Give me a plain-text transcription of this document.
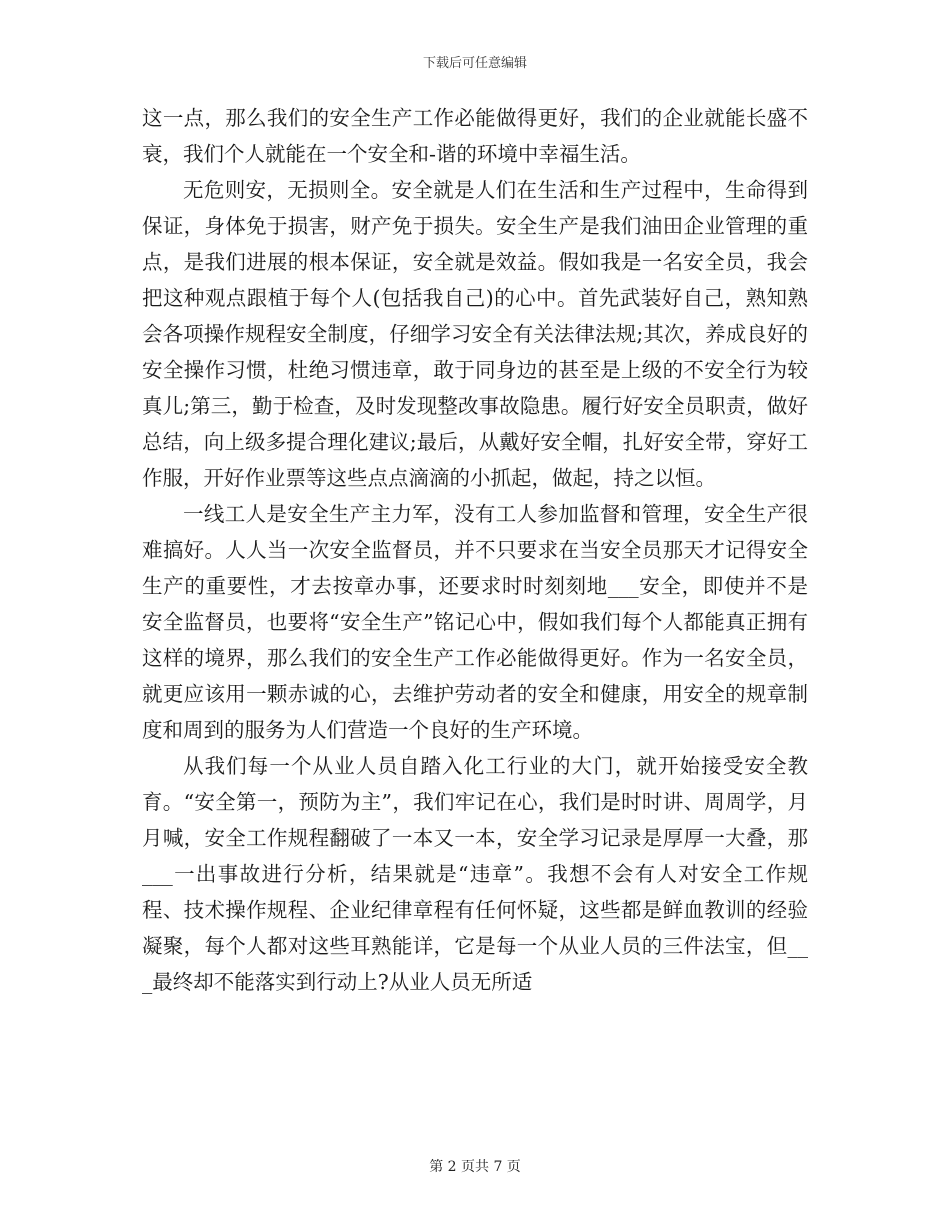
下载后可任意编辑

这一点，那么我们的安全生产工作必能做得更好，我们的企业就能长盛不衰，我们个人就能在一个安全和-谐的环境中幸福生活。

无危则安，无损则全。安全就是人们在生活和生产过程中，生命得到保证，身体免于损害，财产免于损失。安全生产是我们油田企业管理的重点，是我们进展的根本保证，安全就是效益。假如我是一名安全员，我会把这种观点跟植于每个人(包括我自己)的心中。首先武装好自己，熟知熟会各项操作规程安全制度，仔细学习安全有关法律法规;其次，养成良好的安全操作习惯，杜绝习惯违章，敢于同身边的甚至是上级的不安全行为较真儿;第三，勤于检查，及时发现整改事故隐患。履行好安全员职责，做好总结，向上级多提合理化建议;最后，从戴好安全帽，扎好安全带，穿好工作服，开好作业票等这些点点滴滴的小抓起，做起，持之以恒。

一线工人是安全生产主力军，没有工人参加监督和管理，安全生产很难搞好。人人当一次安全监督员，并不只要求在当安全员那天才记得安全生产的重要性，才去按章办事，还要求时时刻刻地___安全，即使并不是安全监督员，也要将“安全生产”铭记心中，假如我们每个人都能真正拥有这样的境界，那么我们的安全生产工作必能做得更好。作为一名安全员，就更应该用一颗赤诚的心，去维护劳动者的安全和健康，用安全的规章制度和周到的服务为人们营造一个良好的生产环境。

从我们每一个从业人员自踏入化工行业的大门，就开始接受安全教育。“安全第一，预防为主”，我们牢记在心，我们是时时讲、周周学，月月喊，安全工作规程翻破了一本又一本，安全学习记录是厚厚一大叠，那___一出事故进行分析，结果就是“违章”。我想不会有人对安全工作规程、技术操作规程、企业纪律章程有任何怀疑，这些都是鲜血教训的经验凝聚，每个人都对这些耳熟能详，它是每一个从业人员的三件法宝，但___最终却不能落实到行动上?从业人员无所适

第 2 页共 7 页
